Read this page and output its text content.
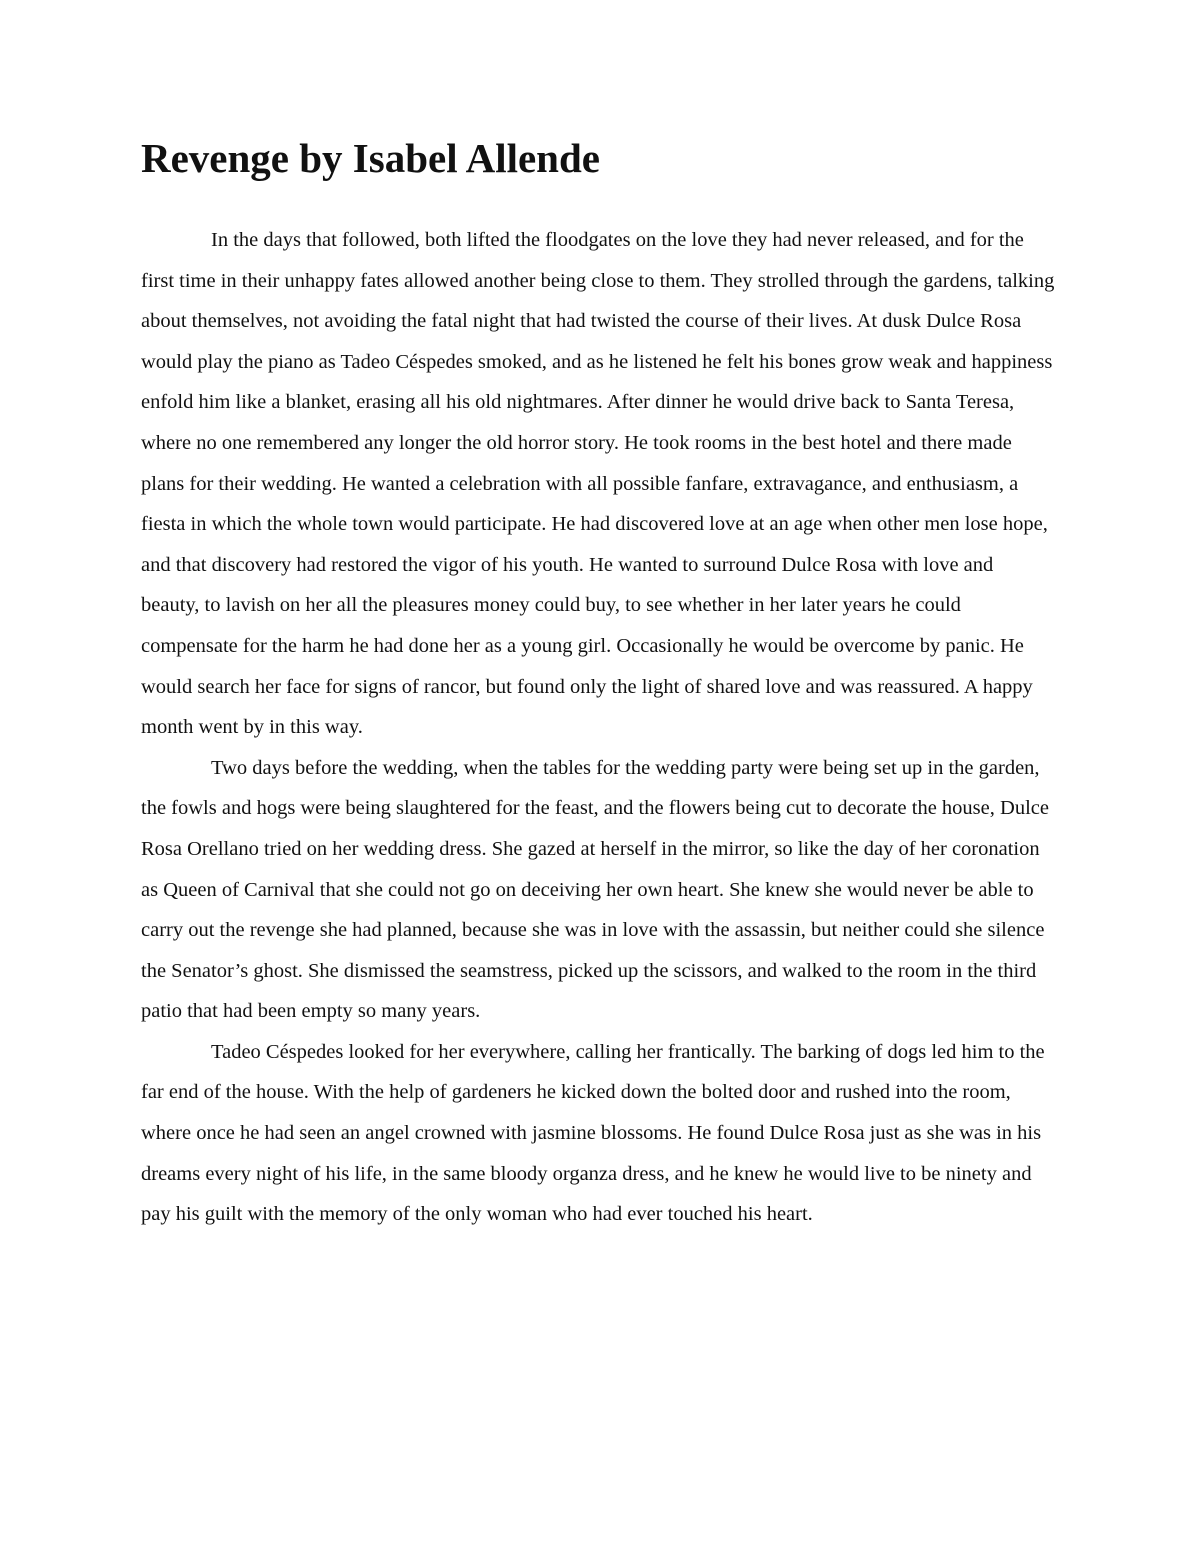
Revenge by Isabel Allende

In the days that followed, both lifted the floodgates on the love they had never released, and for the first time in their unhappy fates allowed another being close to them. They strolled through the gardens, talking about themselves, not avoiding the fatal night that had twisted the course of their lives. At dusk Dulce Rosa would play the piano as Tadeo Céspedes smoked, and as he listened he felt his bones grow weak and happiness enfold him like a blanket, erasing all his old nightmares. After dinner he would drive back to Santa Teresa, where no one remembered any longer the old horror story. He took rooms in the best hotel and there made plans for their wedding. He wanted a celebration with all possible fanfare, extravagance, and enthusiasm, a fiesta in which the whole town would participate. He had discovered love at an age when other men lose hope, and that discovery had restored the vigor of his youth. He wanted to surround Dulce Rosa with love and beauty, to lavish on her all the pleasures money could buy, to see whether in her later years he could compensate for the harm he had done her as a young girl. Occasionally he would be overcome by panic. He would search her face for signs of rancor, but found only the light of shared love and was reassured. A happy month went by in this way.

Two days before the wedding, when the tables for the wedding party were being set up in the garden, the fowls and hogs were being slaughtered for the feast, and the flowers being cut to decorate the house, Dulce Rosa Orellano tried on her wedding dress. She gazed at herself in the mirror, so like the day of her coronation as Queen of Carnival that she could not go on deceiving her own heart. She knew she would never be able to carry out the revenge she had planned, because she was in love with the assassin, but neither could she silence the Senator’s ghost. She dismissed the seamstress, picked up the scissors, and walked to the room in the third patio that had been empty so many years.

Tadeo Céspedes looked for her everywhere, calling her frantically. The barking of dogs led him to the far end of the house. With the help of gardeners he kicked down the bolted door and rushed into the room, where once he had seen an angel crowned with jasmine blossoms. He found Dulce Rosa just as she was in his dreams every night of his life, in the same bloody organza dress, and he knew he would live to be ninety and pay his guilt with the memory of the only woman who had ever touched his heart.
